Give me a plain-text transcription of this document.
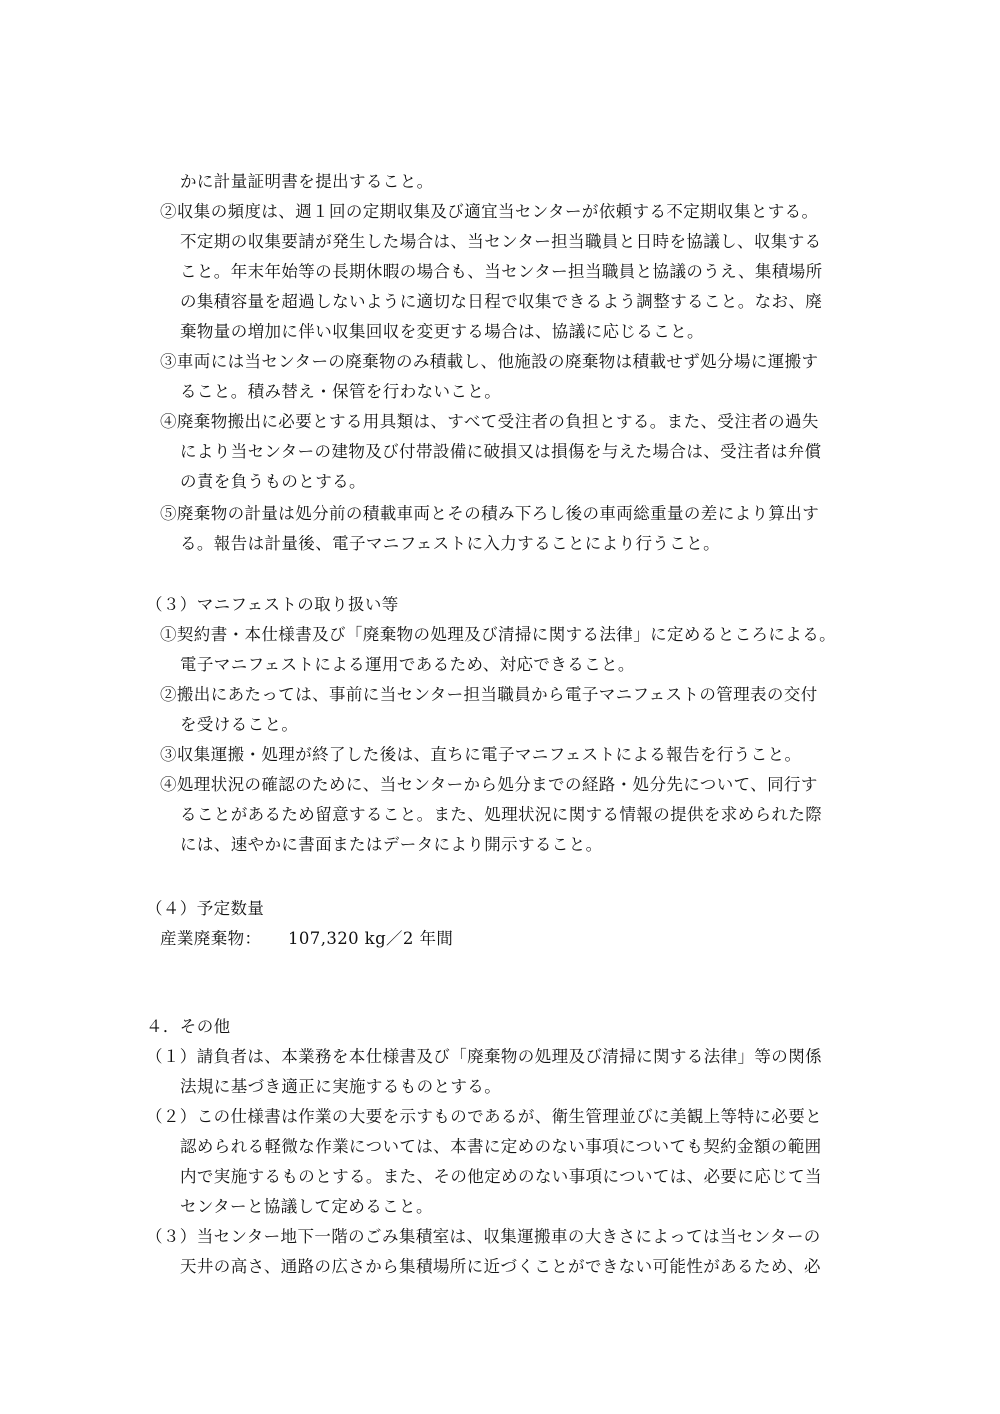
かに計量証明書を提出すること。

②収集の頻度は、週１回の定期収集及び適宜当センターが依頼する不定期収集とする。

不定期の収集要請が発生した場合は、当センター担当職員と日時を協議し、収集する

こと。年末年始等の長期休暇の場合も、当センター担当職員と協議のうえ、集積場所

の集積容量を超過しないように適切な日程で収集できるよう調整すること。なお、廃

棄物量の増加に伴い収集回収を変更する場合は、協議に応じること。

③車両には当センターの廃棄物のみ積載し、他施設の廃棄物は積載せず処分場に運搬す

ること。積み替え・保管を行わないこと。

④廃棄物搬出に必要とする用具類は、すべて受注者の負担とする。また、受注者の過失

により当センターの建物及び付帯設備に破損又は損傷を与えた場合は、受注者は弁償

の責を負うものとする。

⑤廃棄物の計量は処分前の積載車両とその積み下ろし後の車両総重量の差により算出す

る。報告は計量後、電子マニフェストに入力することにより行うこと。

（３）マニフェストの取り扱い等

①契約書・本仕様書及び「廃棄物の処理及び清掃に関する法律」に定めるところによる。

電子マニフェストによる運用であるため、対応できること。

②搬出にあたっては、事前に当センター担当職員から電子マニフェストの管理表の交付

を受けること。

③収集運搬・処理が終了した後は、直ちに電子マニフェストによる報告を行うこと。

④処理状況の確認のために、当センターから処分までの経路・処分先について、同行す

ることがあるため留意すること。また、処理状況に関する情報の提供を求められた際

には、速やかに書面またはデータにより開示すること。

（４）予定数量

産業廃棄物： 107,320 kg／2 年間

４．その他

（１）請負者は、本業務を本仕様書及び「廃棄物の処理及び清掃に関する法律」等の関係

法規に基づき適正に実施するものとする。

（２）この仕様書は作業の大要を示すものであるが、衛生管理並びに美観上等特に必要と

認められる軽微な作業については、本書に定めのない事項についても契約金額の範囲

内で実施するものとする。また、その他定めのない事項については、必要に応じて当

センターと協議して定めること。

（３）当センター地下一階のごみ集積室は、収集運搬車の大きさによっては当センターの

天井の高さ、通路の広さから集積場所に近づくことができない可能性があるため、必
